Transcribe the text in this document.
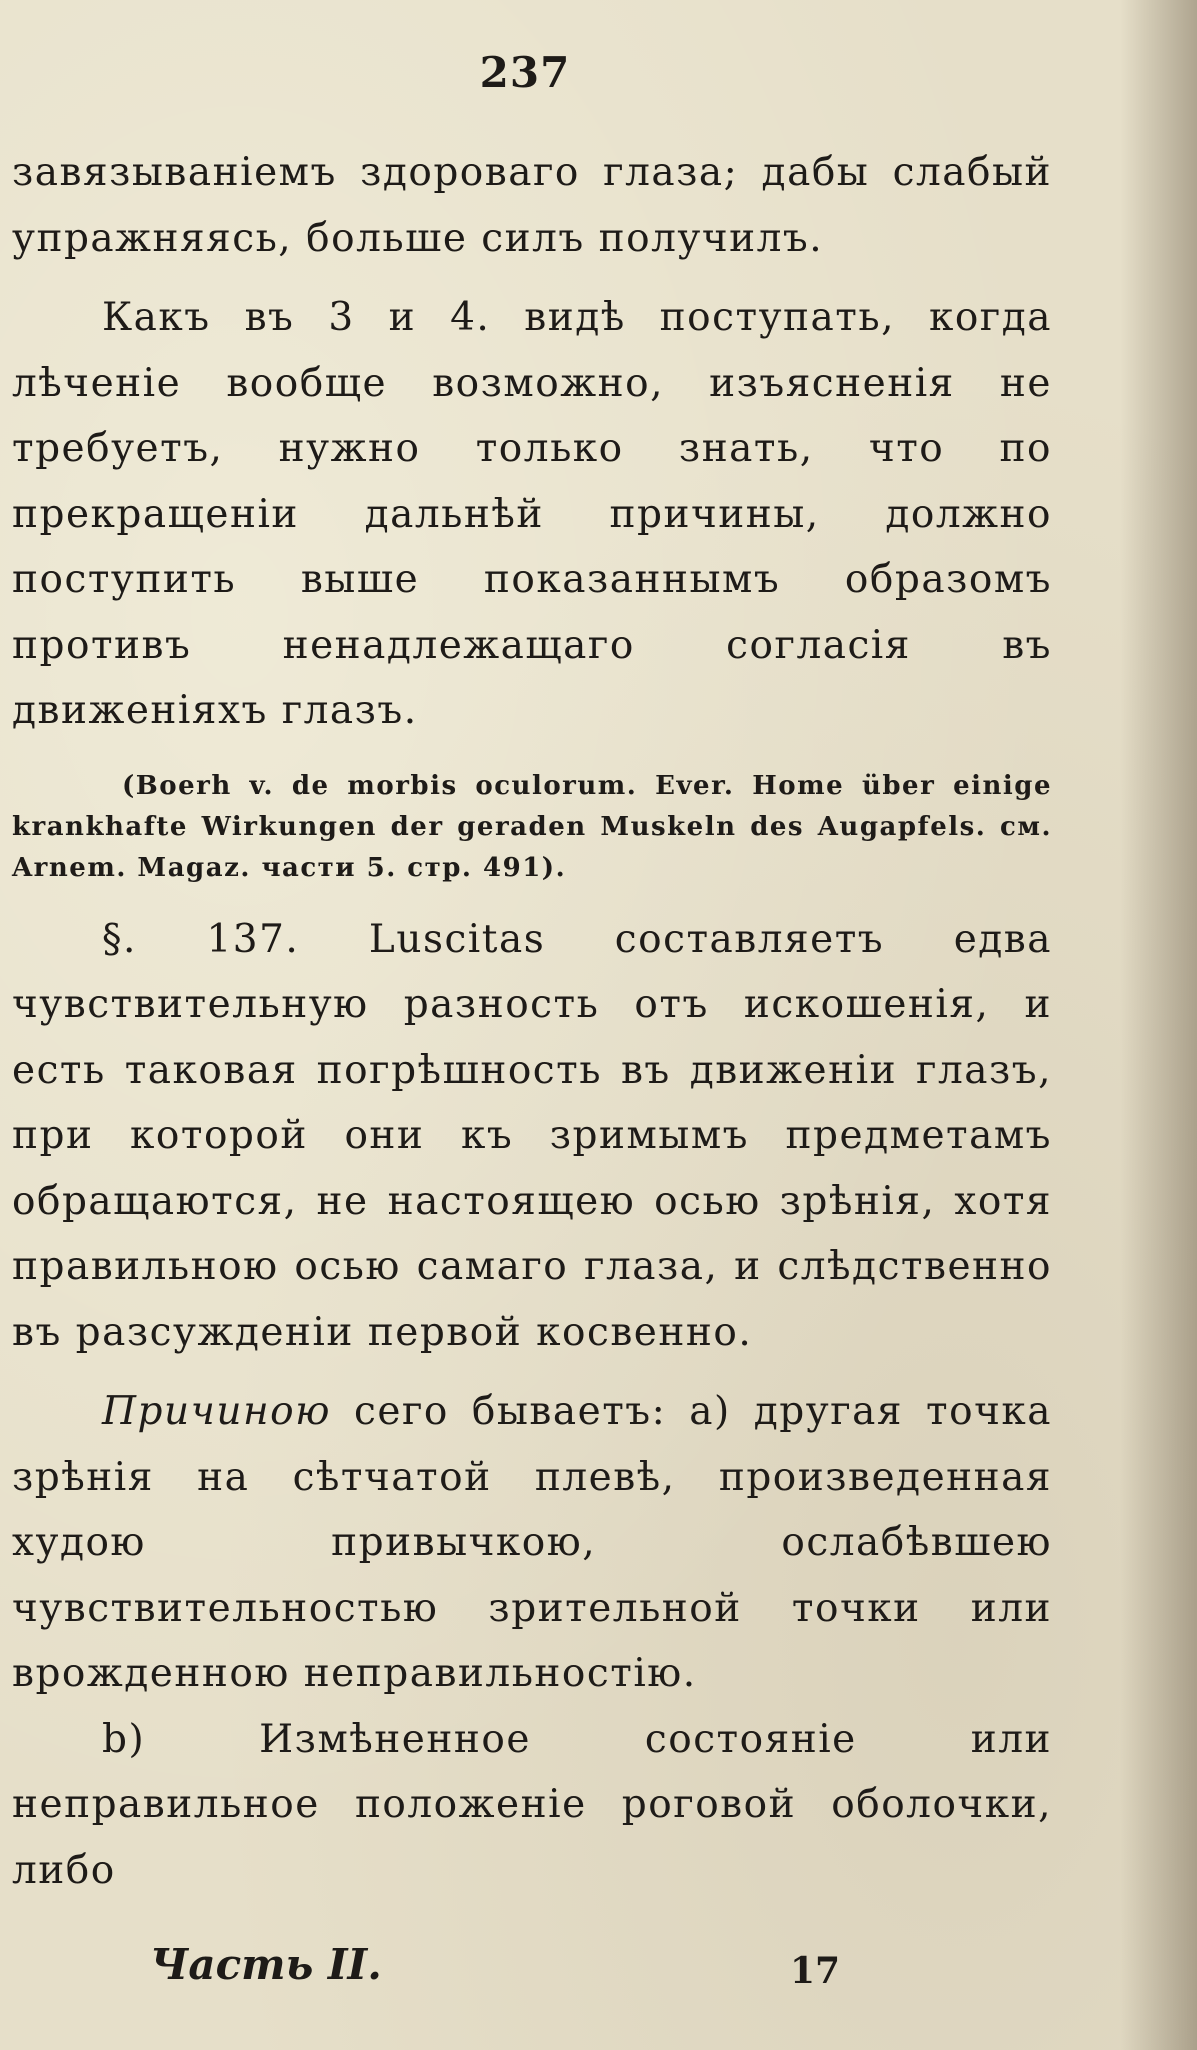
237

завязываніемъ здороваго глаза; дабы слабый упражняясь, больше силъ получилъ.

Какъ въ 3 и 4. видѣ поступать, когда лѣченіе вообще возможно, изъясненія не требуетъ, нужно только знать, что по прекращеніи дальнѣй причины, должно поступить выше показаннымъ образомъ противъ ненадлежащаго согласія въ движеніяхъ глазъ.

(Boerh v. de morbis oculorum. Ever. Home über einige krankhafte Wirkungen der geraden Muskeln des Augapfels. см. Arnem. Magaz. части 5. стр. 491).

§. 137. Luscitas составляетъ едва чувствительную разность отъ искошенія, и есть таковая погрѣшность въ движеніи глазъ, при которой они къ зримымъ предметамъ обращаются, не настоящею осью зрѣнія, хотя правильною осью самаго глаза, и слѣдственно въ разсужденіи первой косвенно.

Причиною сего бываетъ: a) другая точка зрѣнія на сѣтчатой плевѣ, произведенная худою привычкою, ослабѣвшею чувствительностью зрительной точки или врожденною неправильностію.

b) Измѣненное состояніе или неправильное положеніе роговой оболочки, либо

Часть II.	17
